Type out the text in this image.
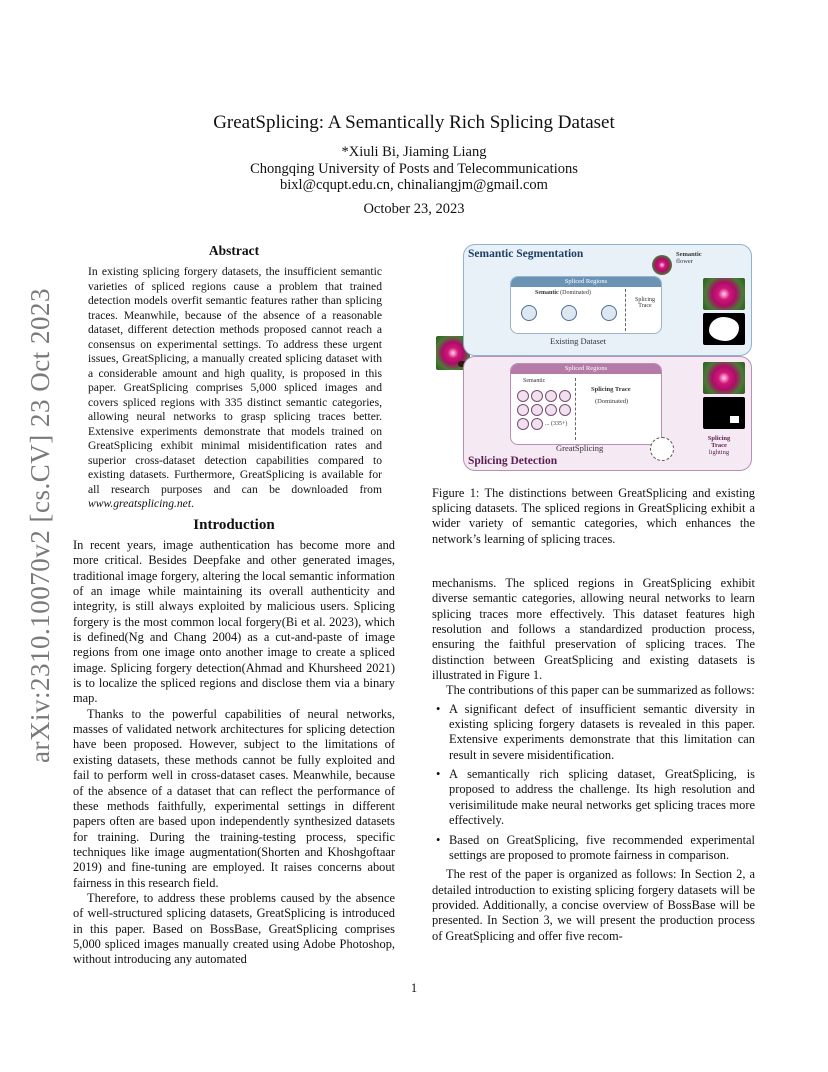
arXiv:2310.10070v2 [cs.CV] 23 Oct 2023
GreatSplicing: A Semantically Rich Splicing Dataset
*Xiuli Bi, Jiaming Liang
Chongqing University of Posts and Telecommunications
bixl@cqupt.edu.cn, chinaliangjm@gmail.com
October 23, 2023
Abstract
In existing splicing forgery datasets, the insufficient semantic varieties of spliced regions cause a problem that trained detection models overfit semantic features rather than splicing traces. Meanwhile, because of the absence of a reasonable dataset, different detection methods proposed cannot reach a consensus on experimental settings. To address these urgent issues, GreatSplicing, a manually created splicing dataset with a considerable amount and high quality, is proposed in this paper. GreatSplicing comprises 5,000 spliced images and covers spliced regions with 335 distinct semantic categories, allowing neural networks to grasp splicing traces better. Extensive experiments demonstrate that models trained on GreatSplicing exhibit minimal misidentification rates and superior cross-dataset detection capabilities compared to existing datasets. Furthermore, GreatSplicing is available for all research purposes and can be downloaded from www.greatsplicing.net.
Introduction

In recent years, image authentication has become more and more critical. Besides Deepfake and other generated images, traditional image forgery, altering the local semantic information of an image while maintaining its overall authenticity and integrity, is still always exploited by malicious users. Splicing forgery is the most common local forgery(Bi et al. 2023), which is defined(Ng and Chang 2004) as a cut-and-paste of image regions from one image onto another image to create a spliced image. Splicing forgery detection(Ahmad and Khursheed 2021) is to localize the spliced regions and disclose them via a binary map.

Thanks to the powerful capabilities of neural networks, masses of validated network architectures for splicing detection have been proposed. However, subject to the limitations of existing datasets, these methods cannot be fully exploited and fail to perform well in cross-dataset cases. Meanwhile, because of the absence of a dataset that can reflect the performance of these methods faithfully, experimental settings in different papers often are based upon independently synthesized datasets for training. During the training-testing process, specific techniques like image augmentation(Shorten and Khoshgoftaar 2019) and fine-tuning are employed. It raises concerns about fairness in this research field.

Therefore, to address these problems caused by the absence of well-structured splicing datasets, GreatSplicing is introduced in this paper. Based on BossBase, GreatSplicing comprises 5,000 spliced images manually created using Adobe Photoshop, without introducing any automated

Semantic Segmentation
Spliced Regions
Semantic (Dominated)
Splicing Trace
Existing Dataset
Semantic
flower
Spliced Regions
Semantic
... (335+)
Splicing Trace
(Dominated)
GreatSplicing
Splicing Detection
Splicing
Trace
lighting
Figure 1: The distinctions between GreatSplicing and existing splicing datasets. The spliced regions in GreatSplicing exhibit a wider variety of semantic categories, which enhances the network’s learning of splicing traces.

mechanisms. The spliced regions in GreatSplicing exhibit diverse semantic categories, allowing neural networks to learn splicing traces more effectively. This dataset features high resolution and follows a standardized production process, ensuring the faithful preservation of splicing traces. The distinction between GreatSplicing and existing datasets is illustrated in Figure 1.

The contributions of this paper can be summarized as follows:

• A significant defect of insufficient semantic diversity in existing splicing forgery datasets is revealed in this paper. Extensive experiments demonstrate that this limitation can result in severe misidentification.
• A semantically rich splicing dataset, GreatSplicing, is proposed to address the challenge. Its high resolution and verisimilitude make neural networks get splicing traces more effectively.
• Based on GreatSplicing, five recommended experimental settings are proposed to promote fairness in comparison.

The rest of the paper is organized as follows: In Section 2, a detailed introduction to existing splicing forgery datasets will be provided. Additionally, a concise overview of BossBase will be presented. In Section 3, we will present the production process of GreatSplicing and offer five recom-

1
